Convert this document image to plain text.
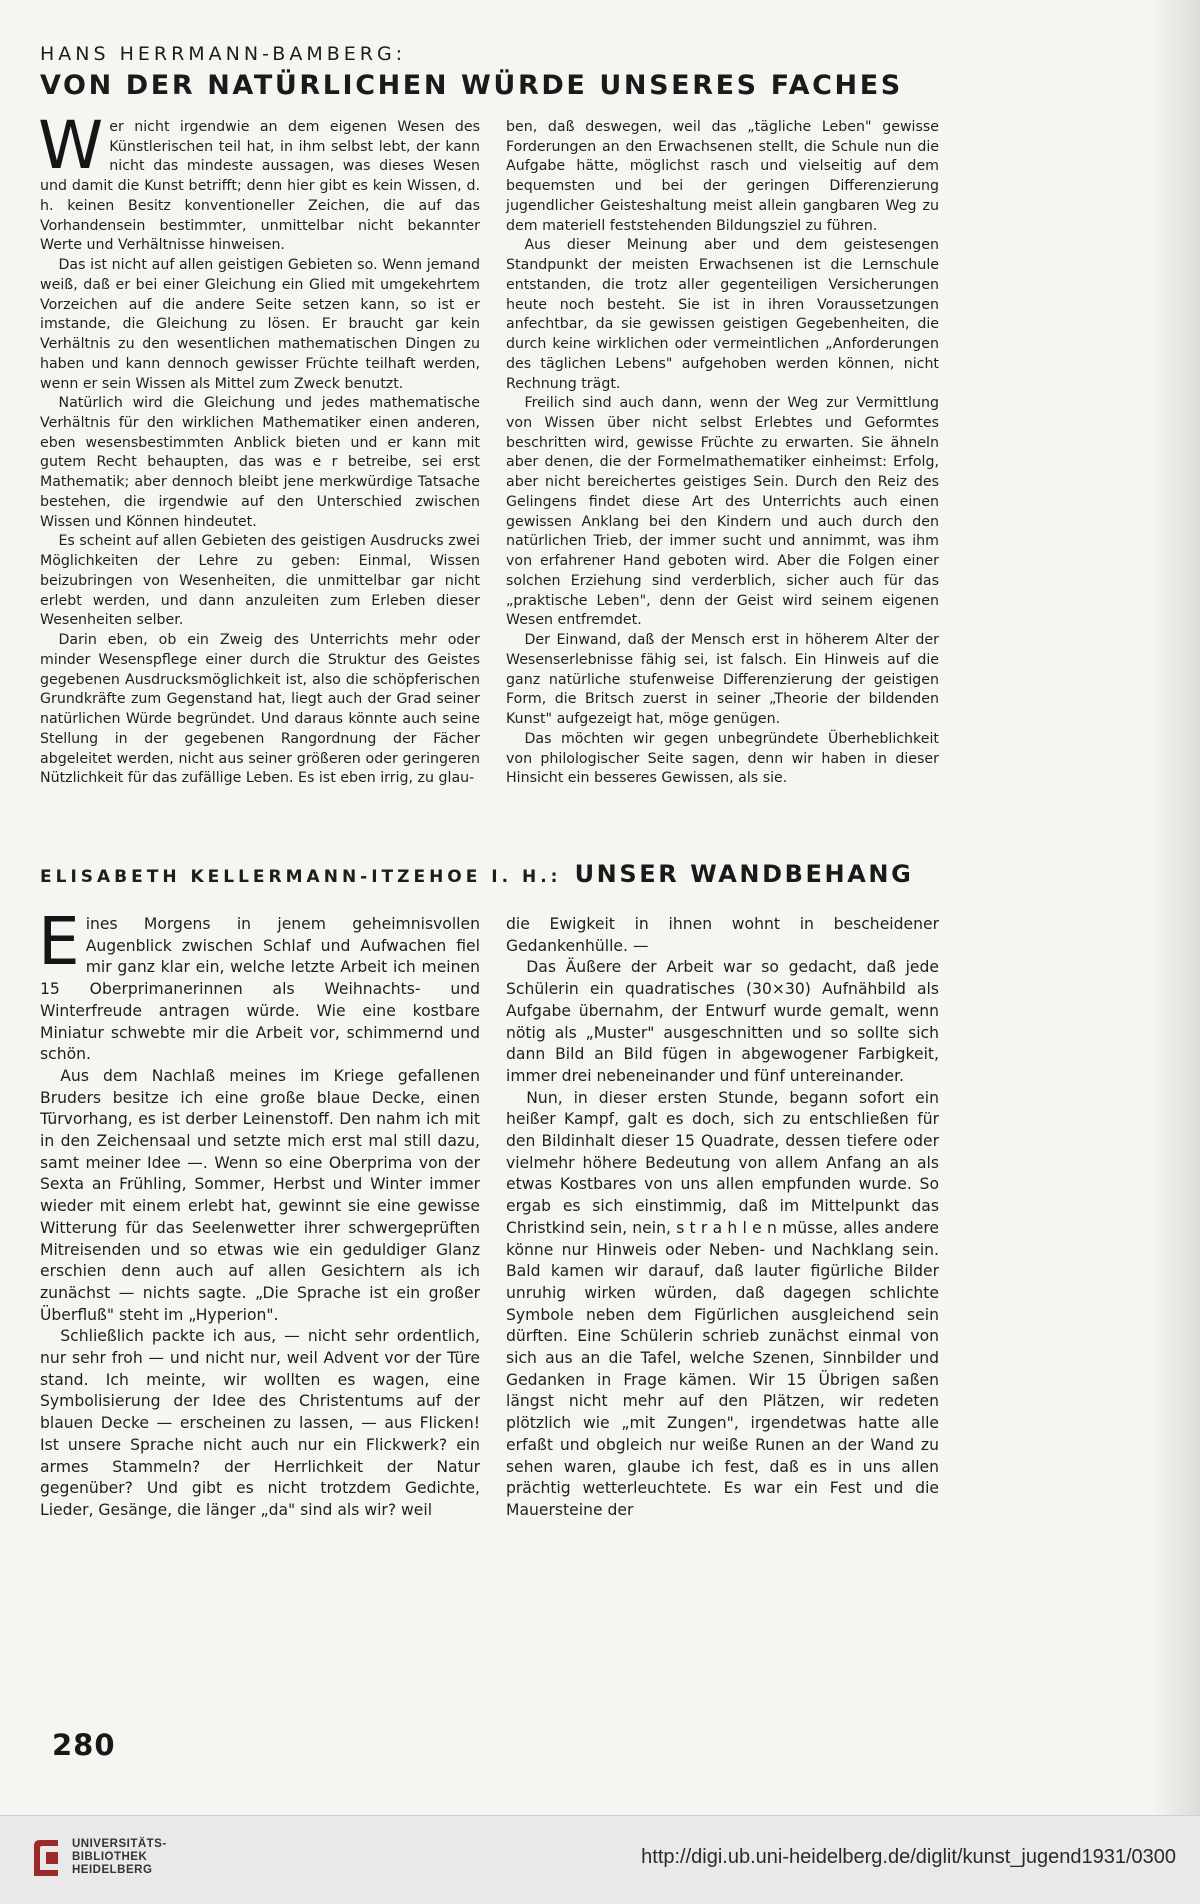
HANS HERRMANN-BAMBERG:
VON DER NATÜRLICHEN WÜRDE UNSERES FACHES
W er nicht irgendwie an dem eigenen Wesen des Künstlerischen teil hat, in ihm selbst lebt, der kann nicht das mindeste aussagen, was dieses Wesen und damit die Kunst betrifft; denn hier gibt es kein Wissen, d. h. keinen Besitz konventioneller Zeichen, die auf das Vorhandensein bestimmter, unmittelbar nicht bekannter Werte und Verhältnisse hinweisen.

Das ist nicht auf allen geistigen Gebieten so. Wenn jemand weiß, daß er bei einer Gleichung ein Glied mit umgekehrtem Vorzeichen auf die andere Seite setzen kann, so ist er imstande, die Gleichung zu lösen. Er braucht gar kein Verhältnis zu den wesentlichen mathematischen Dingen zu haben und kann dennoch gewisser Früchte teilhaft werden, wenn er sein Wissen als Mittel zum Zweck benutzt.

Natürlich wird die Gleichung und jedes mathematische Verhältnis für den wirklichen Mathematiker einen anderen, eben wesensbestimmten Anblick bieten und er kann mit gutem Recht behaupten, das was e r betreibe, sei erst Mathematik; aber dennoch bleibt jene merkwürdige Tatsache bestehen, die irgendwie auf den Unterschied zwischen Wissen und Können hindeutet.

Es scheint auf allen Gebieten des geistigen Ausdrucks zwei Möglichkeiten der Lehre zu geben: Einmal, Wissen beizubringen von Wesenheiten, die unmittelbar gar nicht erlebt werden, und dann anzuleiten zum Erleben dieser Wesenheiten selber.

Darin eben, ob ein Zweig des Unterrichts mehr oder minder Wesenspflege einer durch die Struktur des Geistes gegebenen Ausdrucksmöglichkeit ist, also die schöpferischen Grundkräfte zum Gegenstand hat, liegt auch der Grad seiner natürlichen Würde begründet. Und daraus könnte auch seine Stellung in der gegebenen Rangordnung der Fächer abgeleitet werden, nicht aus seiner größeren oder geringeren Nützlichkeit für das zufällige Leben. Es ist eben irrig, zu glau-

ben, daß deswegen, weil das „tägliche Leben" gewisse Forderungen an den Erwachsenen stellt, die Schule nun die Aufgabe hätte, möglichst rasch und vielseitig auf dem bequemsten und bei der geringen Differenzierung jugendlicher Geisteshaltung meist allein gangbaren Weg zu dem materiell feststehenden Bildungsziel zu führen.

Aus dieser Meinung aber und dem geistesengen Standpunkt der meisten Erwachsenen ist die Lernschule entstanden, die trotz aller gegenteiligen Versicherungen heute noch besteht. Sie ist in ihren Voraussetzungen anfechtbar, da sie gewissen geistigen Gegebenheiten, die durch keine wirklichen oder vermeintlichen „Anforderungen des täglichen Lebens" aufgehoben werden können, nicht Rechnung trägt.

Freilich sind auch dann, wenn der Weg zur Vermittlung von Wissen über nicht selbst Erlebtes und Geformtes beschritten wird, gewisse Früchte zu erwarten. Sie ähneln aber denen, die der Formelmathematiker einheimst: Erfolg, aber nicht bereichertes geistiges Sein. Durch den Reiz des Gelingens findet diese Art des Unterrichts auch einen gewissen Anklang bei den Kindern und auch durch den natürlichen Trieb, der immer sucht und annimmt, was ihm von erfahrener Hand geboten wird. Aber die Folgen einer solchen Erziehung sind verderblich, sicher auch für das „praktische Leben", denn der Geist wird seinem eigenen Wesen entfremdet.

Der Einwand, daß der Mensch erst in höherem Alter der Wesenserlebnisse fähig sei, ist falsch. Ein Hinweis auf die ganz natürliche stufenweise Differenzierung der geistigen Form, die Britsch zuerst in seiner „Theorie der bildenden Kunst" aufgezeigt hat, möge genügen.

Das möchten wir gegen unbegründete Überheblichkeit von philologischer Seite sagen, denn wir haben in dieser Hinsicht ein besseres Gewissen, als sie.

ELISABETH KELLERMANN-ITZEHOE I. H.: UNSER WANDBEHANG
E ines Morgens in jenem geheimnisvollen Augenblick zwischen Schlaf und Aufwachen fiel mir ganz klar ein, welche letzte Arbeit ich meinen 15 Oberprimanerinnen als Weihnachts- und Winterfreude antragen würde. Wie eine kostbare Miniatur schwebte mir die Arbeit vor, schimmernd und schön.

Aus dem Nachlaß meines im Kriege gefallenen Bruders besitze ich eine große blaue Decke, einen Türvorhang, es ist derber Leinenstoff. Den nahm ich mit in den Zeichensaal und setzte mich erst mal still dazu, samt meiner Idee —. Wenn so eine Oberprima von der Sexta an Frühling, Sommer, Herbst und Winter immer wieder mit einem erlebt hat, gewinnt sie eine gewisse Witterung für das Seelenwetter ihrer schwergeprüften Mitreisenden und so etwas wie ein geduldiger Glanz erschien denn auch auf allen Gesichtern als ich zunächst — nichts sagte. „Die Sprache ist ein großer Überfluß" steht im „Hyperion".

Schließlich packte ich aus, — nicht sehr ordentlich, nur sehr froh — und nicht nur, weil Advent vor der Türe stand. Ich meinte, wir wollten es wagen, eine Symbolisierung der Idee des Christentums auf der blauen Decke — erscheinen zu lassen, — aus Flicken! Ist unsere Sprache nicht auch nur ein Flickwerk? ein armes Stammeln? der Herrlichkeit der Natur gegenüber? Und gibt es nicht trotzdem Gedichte, Lieder, Gesänge, die länger „da" sind als wir? weil

die Ewigkeit in ihnen wohnt in bescheidener Gedankenhülle. —

Das Äußere der Arbeit war so gedacht, daß jede Schülerin ein quadratisches (30×30) Aufnähbild als Aufgabe übernahm, der Entwurf wurde gemalt, wenn nötig als „Muster" ausgeschnitten und so sollte sich dann Bild an Bild fügen in abgewogener Farbigkeit, immer drei nebeneinander und fünf untereinander.

Nun, in dieser ersten Stunde, begann sofort ein heißer Kampf, galt es doch, sich zu entschließen für den Bildinhalt dieser 15 Quadrate, dessen tiefere oder vielmehr höhere Bedeutung von allem Anfang an als etwas Kostbares von uns allen empfunden wurde. So ergab es sich einstimmig, daß im Mittelpunkt das Christkind sein, nein, s t r a h l e n müsse, alles andere könne nur Hinweis oder Neben- und Nachklang sein. Bald kamen wir darauf, daß lauter figürliche Bilder unruhig wirken würden, daß dagegen schlichte Symbole neben dem Figürlichen ausgleichend sein dürften. Eine Schülerin schrieb zunächst einmal von sich aus an die Tafel, welche Szenen, Sinnbilder und Gedanken in Frage kämen. Wir 15 Übrigen saßen längst nicht mehr auf den Plätzen, wir redeten plötzlich wie „mit Zungen", irgendetwas hatte alle erfaßt und obgleich nur weiße Runen an der Wand zu sehen waren, glaube ich fest, daß es in uns allen prächtig wetterleuchtete. Es war ein Fest und die Mauersteine der

280
UNIVERSITÄTS-
BIBLIOTHEK
HEIDELBERG
http://digi.ub.uni-heidelberg.de/diglit/kunst_jugend1931/0300
